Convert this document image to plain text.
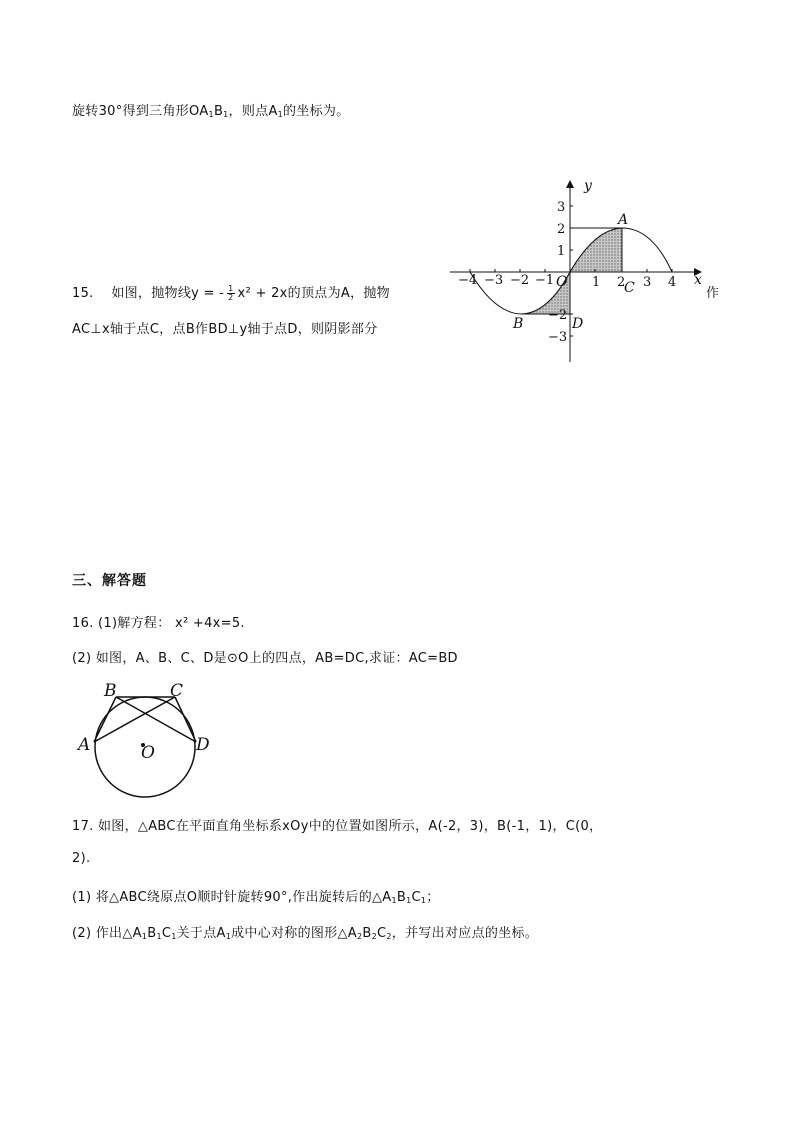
旋转30°得到三角形$OA_1B_1$，则点$A_1$的坐标为。
15. 如图，抛物线y = - $\frac{1}{2} x^2 + 2x$的顶点为A，抛物	作
AC⊥x轴于点C，点B作BD⊥y轴于点D，则阴影部分
−4 −3 −2 −1	1 2 3 4
3
2
1
−2
−3
x
y
O
A
C
B	D
三、解答题
16. (1)解方程： x² +4x=5.
(2) 如图，A、B、C、D是⊙O上的四点，AB=DC,求证：AC=BD
B	C
A	D
O
17. 如图，△ABC在平面直角坐标系xOy中的位置如图所示，A(-2，3)，B(-1，1)，C(0，
2).
(1) 将△ABC绕原点O顺时针旋转90°,作出旋转后的$\triangle A_1B_1C_1$；
(2) 作出$\triangle A_1B_1C_1$关于点$A_1$成中心对称的图形$\triangle A_2B_2C_2$，并写出对应点的坐标。
